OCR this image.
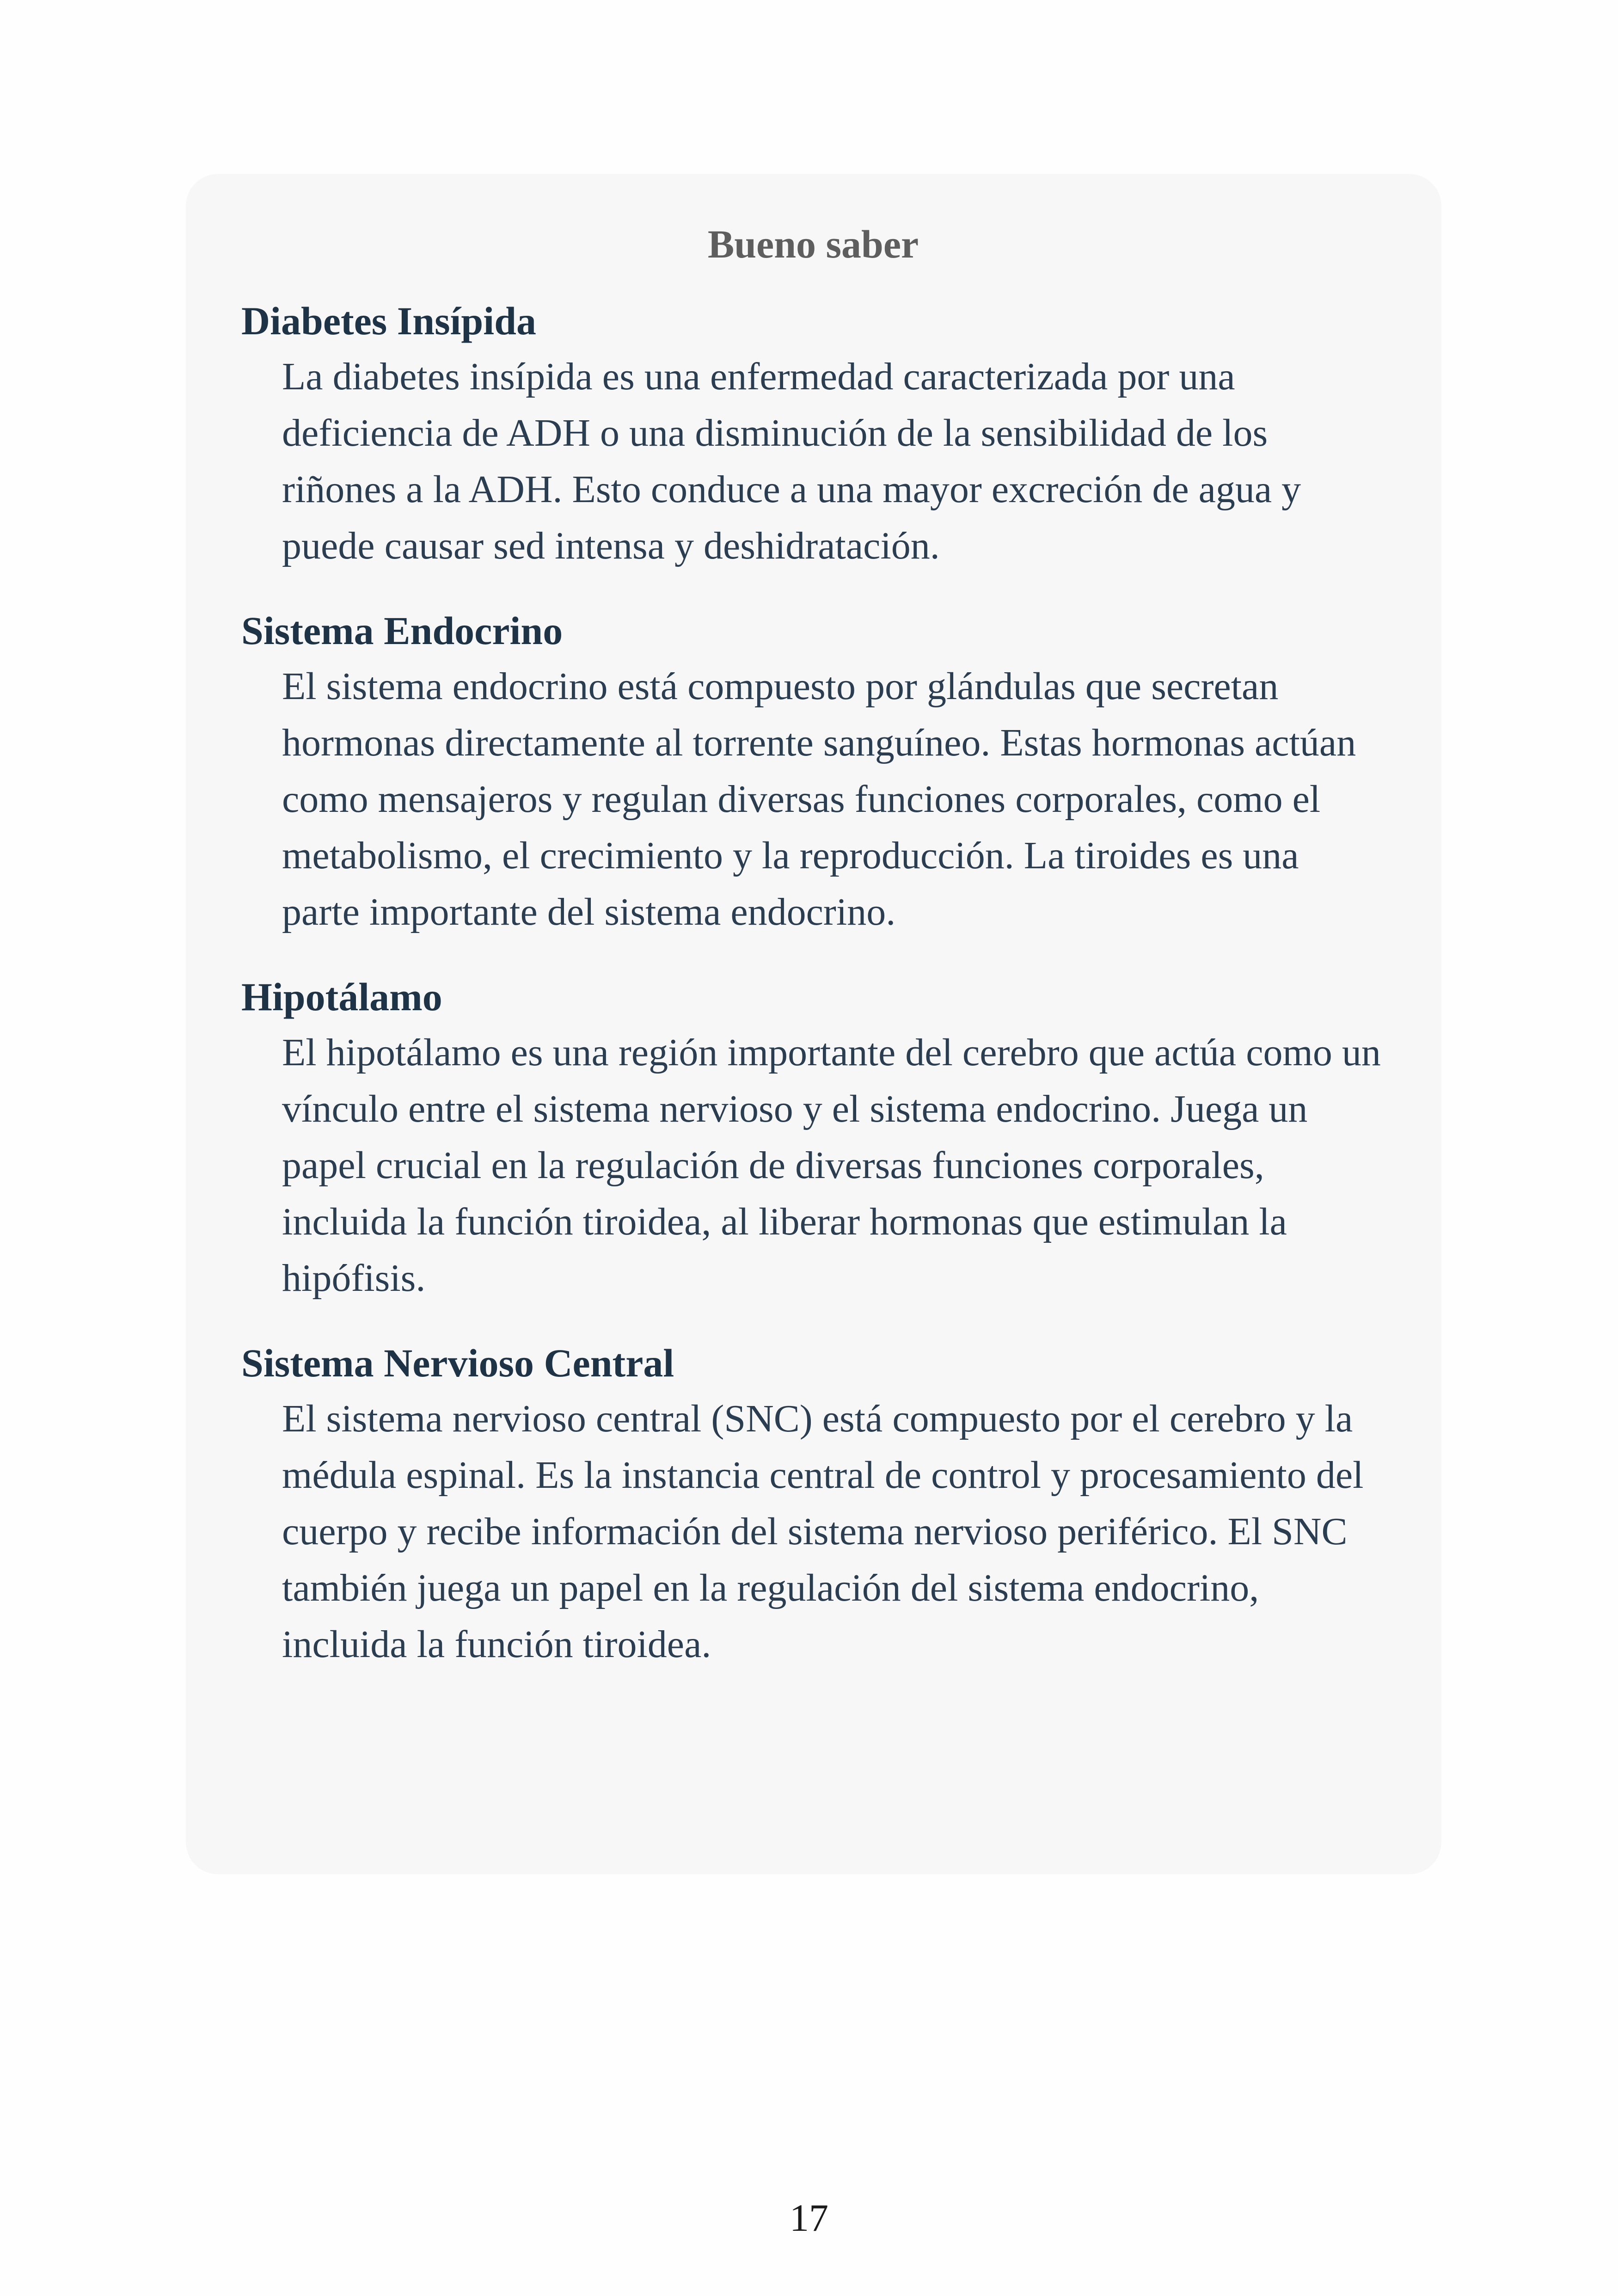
Bueno saber

Diabetes Insípida

La diabetes insípida es una enfermedad caracterizada por una deficiencia de ADH o una disminución de la sensibilidad de los riñones a la ADH. Esto conduce a una mayor excreción de agua y puede causar sed intensa y deshidratación.

Sistema Endocrino

El sistema endocrino está compuesto por glándulas que secretan hormonas directamente al torrente sanguíneo. Estas hormonas actúan como mensajeros y regulan diversas funciones corporales, como el metabolismo, el crecimiento y la reproducción. La tiroides es una parte importante del sistema endocrino.

Hipotálamo

El hipotálamo es una región importante del cerebro que actúa como un vínculo entre el sistema nervioso y el sistema endocrino. Juega un papel crucial en la regulación de diversas funciones corporales, incluida la función tiroidea, al liberar hormonas que estimulan la hipófisis.

Sistema Nervioso Central

El sistema nervioso central (SNC) está compuesto por el cerebro y la médula espinal. Es la instancia central de control y procesamiento del cuerpo y recibe información del sistema nervioso periférico. El SNC también juega un papel en la regulación del sistema endocrino, incluida la función tiroidea.

17
